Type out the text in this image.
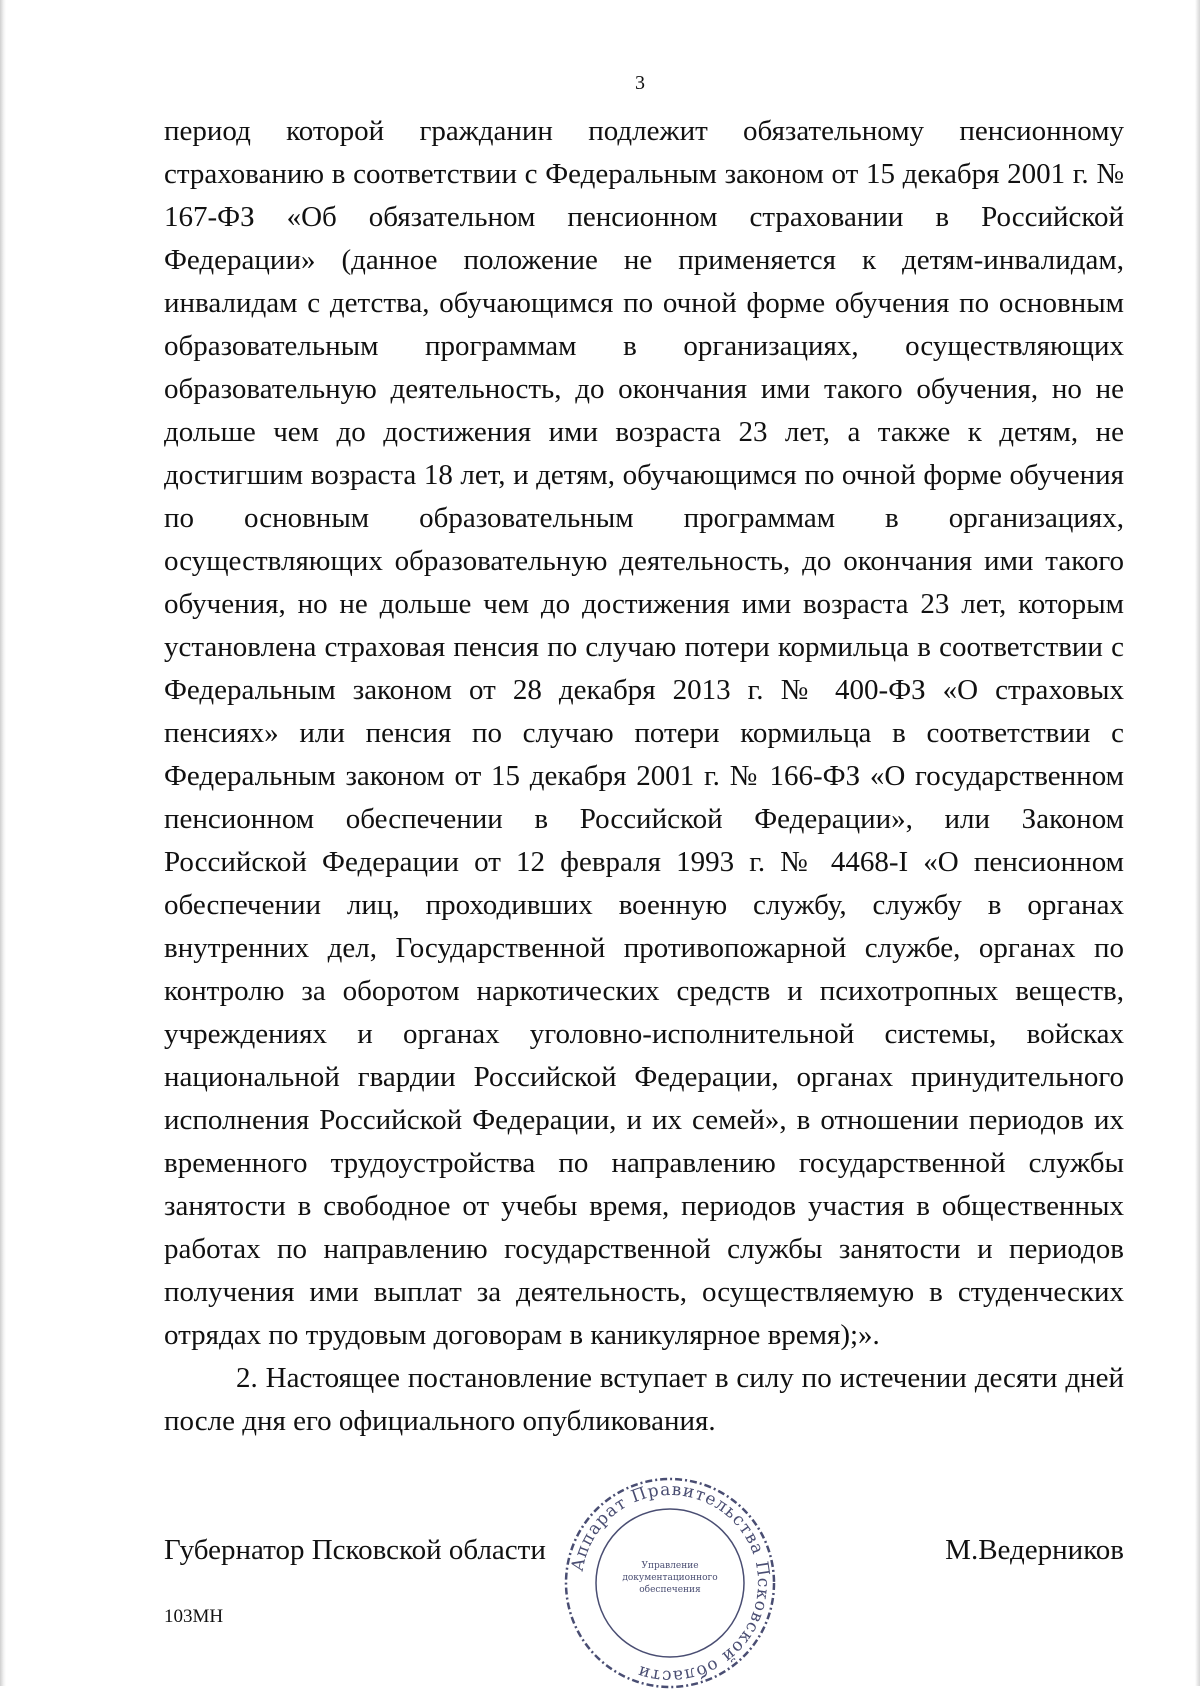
3

период которой гражданин подлежит обязательному пенсионному страхованию в соответствии с Федеральным законом от 15 декабря 2001 г. № 167-ФЗ «Об обязательном пенсионном страховании в Российской Федерации» (данное положение не применяется к детям-инвалидам, инвалидам с детства, обучающимся по очной форме обучения по основным образовательным программам в организациях, осуществляющих образовательную деятельность, до окончания ими такого обучения, но не дольше чем до достижения ими возраста 23 лет, а также к детям, не достигшим возраста 18 лет, и детям, обучающимся по очной форме обучения по основным образовательным программам в организациях, осуществляющих образовательную деятельность, до окончания ими такого обучения, но не дольше чем до достижения ими возраста 23 лет, которым установлена страховая пенсия по случаю потери кормильца в соответствии с Федеральным законом от 28 декабря 2013 г. № 400-ФЗ «О страховых пенсиях» или пенсия по случаю потери кормильца в соответствии с Федеральным законом от 15 декабря 2001 г. № 166-ФЗ «О государственном пенсионном обеспечении в Российской Федерации», или Законом Российской Федерации от 12 февраля 1993 г. № 4468-I «О пенсионном обеспечении лиц, проходивших военную службу, службу в органах внутренних дел, Государственной противопожарной службе, органах по контролю за оборотом наркотических средств и психотропных веществ, учреждениях и органах уголовно-исполнительной системы, войсках национальной гвардии Российской Федерации, органах принудительного исполнения Российской Федерации, и их семей», в отношении периодов их временного трудоустройства по направлению государственной службы занятости в свободное от учебы время, периодов участия в общественных работах по направлению государственной службы занятости и периодов получения ими выплат за деятельность, осуществляемую в студенческих отрядах по трудовым договорам в каникулярное время);».

2. Настоящее постановление вступает в силу по истечении десяти дней после дня его официального опубликования.

Губернатор Псковской области	М.Ведерников
103МН
Аппарат Правительства Псковской области
Управление документационного обеспечения
